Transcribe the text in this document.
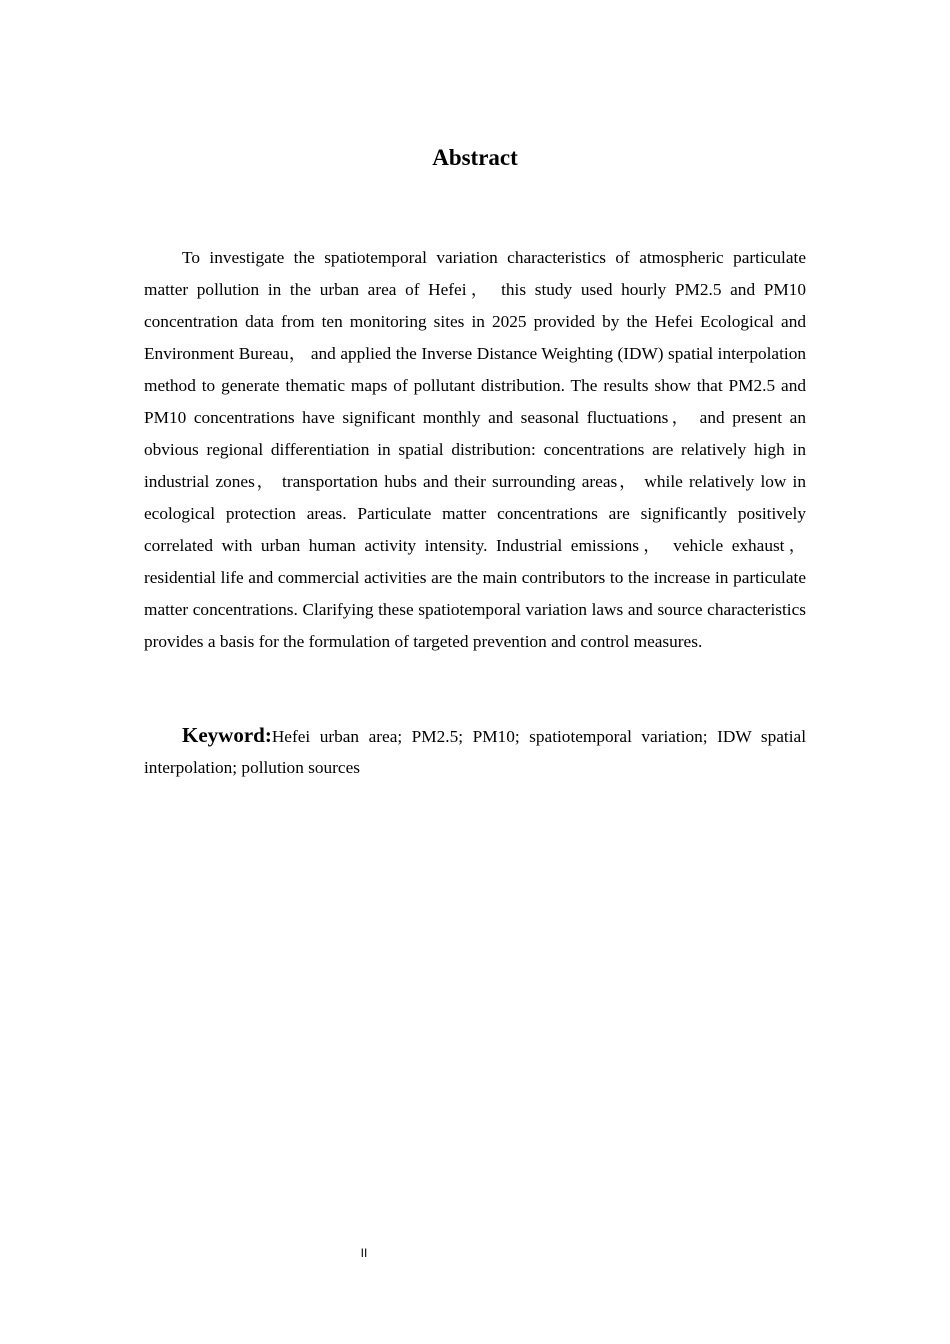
Abstract

To investigate the spatiotemporal variation characteristics of atmospheric particulate matter pollution in the urban area of Hefei， this study used hourly PM2.5 and PM10 concentration data from ten monitoring sites in 2025 provided by the Hefei Ecological and Environment Bureau， and applied the Inverse Distance Weighting (IDW) spatial interpolation method to generate thematic maps of pollutant distribution. The results show that PM2.5 and PM10 concentrations have significant monthly and seasonal fluctuations， and present an obvious regional differentiation in spatial distribution: concentrations are relatively high in industrial zones， transportation hubs and their surrounding areas， while relatively low in ecological protection areas. Particulate matter concentrations are significantly positively correlated with urban human activity intensity. Industrial emissions， vehicle exhaust， residential life and commercial activities are the main contributors to the increase in particulate matter concentrations. Clarifying these spatiotemporal variation laws and source characteristics provides a basis for the formulation of targeted prevention and control measures.

Keyword:Hefei urban area; PM2.5; PM10; spatiotemporal variation; IDW spatial interpolation; pollution sources

II
